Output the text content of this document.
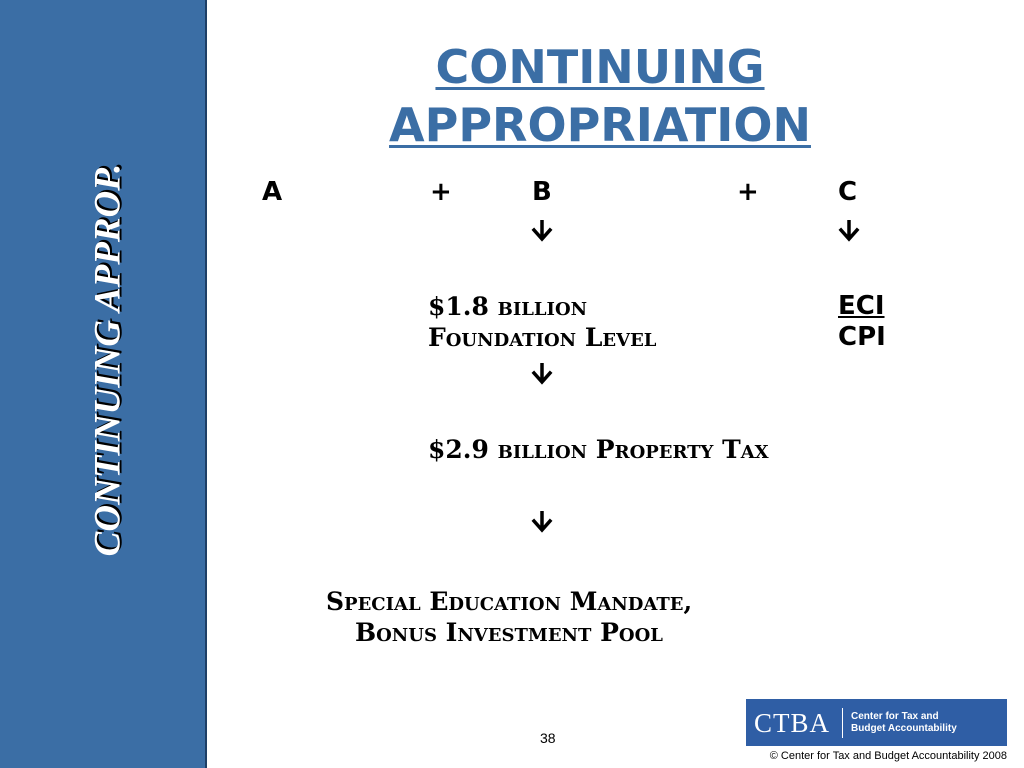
CONTINUING APPROP.
CONTINUING
APPROPRIATION
A	+	B	+	C
$1.8 billion
Foundation Level
ECI
CPI
$2.9 billion Property Tax
Special Education Mandate,
Bonus Investment Pool
38
CTBA	Center for Tax and Budget Accountability
© Center for Tax and Budget Accountability 2008
